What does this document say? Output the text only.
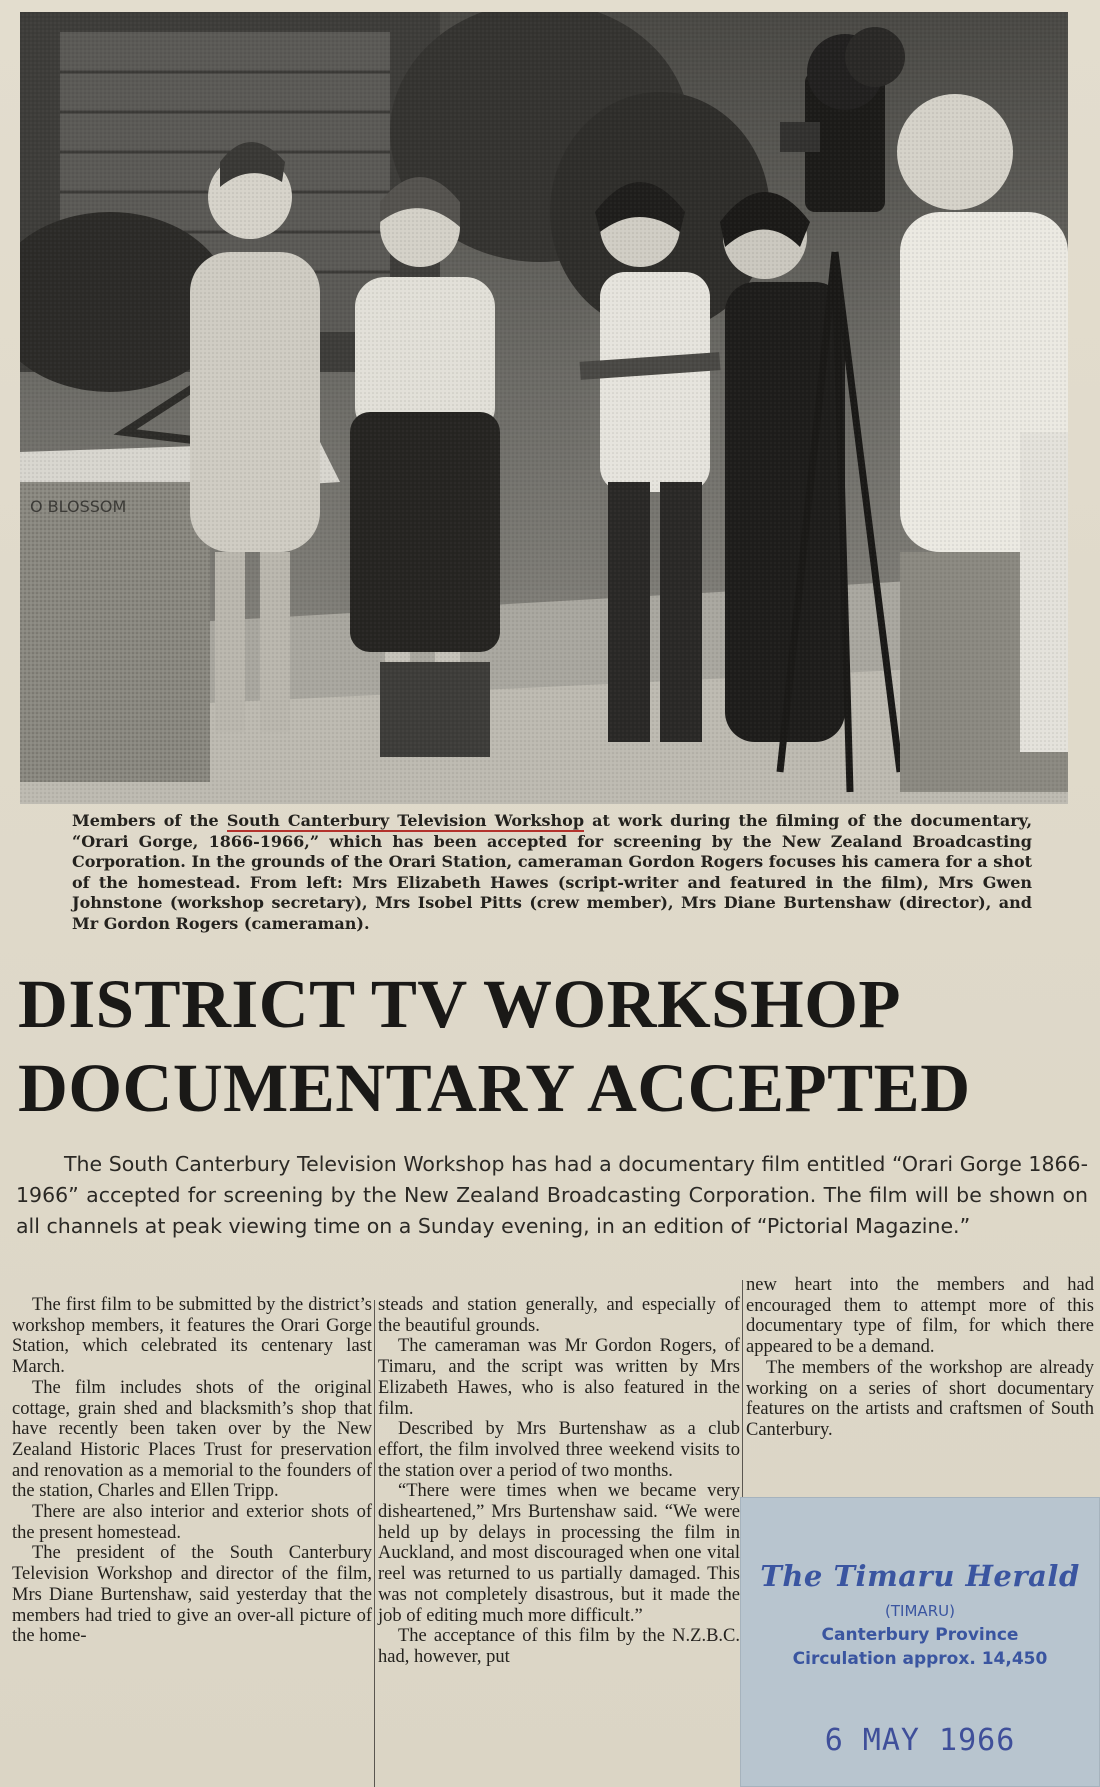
Members of the South Canterbury Television Workshop at work during the filming of the documentary, “Orari Gorge, 1866-1966,” which has been accepted for screening by the New Zealand Broadcasting Corporation. In the grounds of the Orari Station, cameraman Gordon Rogers focuses his camera for a shot of the homestead. From left: Mrs Elizabeth Hawes (script-writer and featured in the film), Mrs Gwen Johnstone (workshop secretary), Mrs Isobel Pitts (crew member), Mrs Diane Burtenshaw (director), and Mr Gordon Rogers (cameraman).
DISTRICT TV WORKSHOP
DOCUMENTARY ACCEPTED
The South Canterbury Television Workshop has had a documentary film entitled “Orari Gorge 1866-1966” accepted for screening by the New Zealand Broadcasting Corporation. The film will be shown on all channels at peak viewing time on a Sunday evening, in an edition of “Pictorial Magazine.”

The first film to be submitted by the district’s workshop members, it features the Orari Gorge Station, which celebrated its centenary last March.

The film includes shots of the original cottage, grain shed and blacksmith’s shop that have recently been taken over by the New Zealand Historic Places Trust for preservation and renovation as a memorial to the founders of the station, Charles and Ellen Tripp.

There are also interior and exterior shots of the present homestead.

The president of the South Canterbury Television Workshop and director of the film, Mrs Diane Burtenshaw, said yesterday that the members had tried to give an over-all picture of the home-

steads and station generally, and especially of the beautiful grounds.

The cameraman was Mr Gordon Rogers, of Timaru, and the script was written by Mrs Elizabeth Hawes, who is also featured in the film.

Described by Mrs Burtenshaw as a club effort, the film involved three weekend visits to the station over a period of two months.

“There were times when we became very disheartened,” Mrs Burtenshaw said. “We were held up by delays in processing the film in Auckland, and most discouraged when one vital reel was returned to us partially damaged. This was not completely disastrous, but it made the job of editing much more difficult.”

The acceptance of this film by the N.Z.B.C. had, however, put

new heart into the members and had encouraged them to attempt more of this documentary type of film, for which there appeared to be a demand.

The members of the workshop are already working on a series of short documentary features on the artists and craftsmen of South Canterbury.

The Timaru Herald
(TIMARU)
Canterbury Province
Circulation approx. 14,450
6 MAY 1966
